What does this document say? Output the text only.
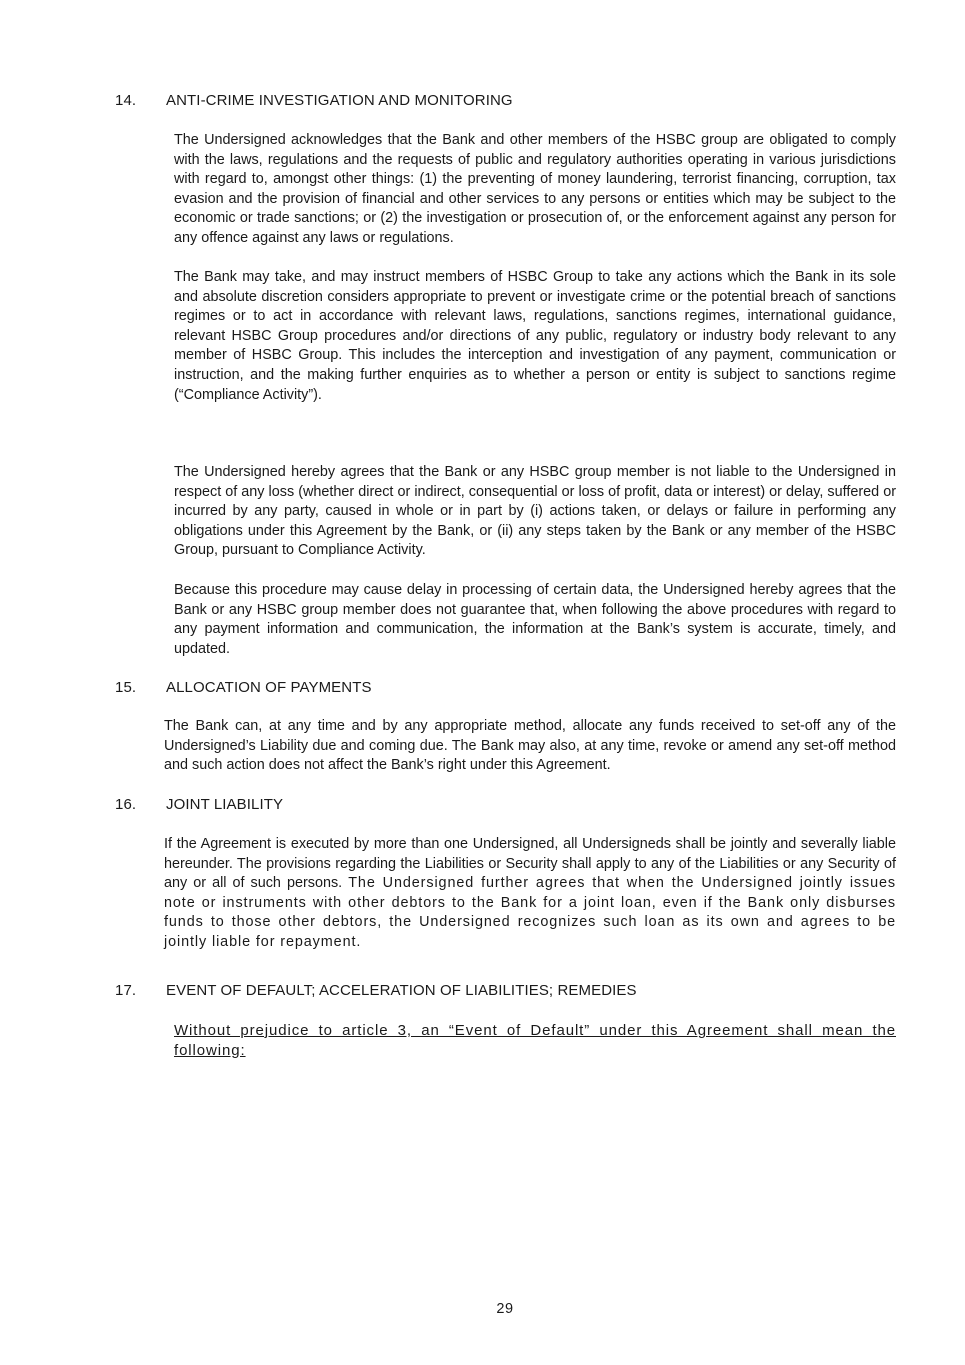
14. ANTI-CRIME INVESTIGATION AND MONITORING

The Undersigned acknowledges that the Bank and other members of the HSBC group are obligated to comply with the laws, regulations and the requests of public and regulatory authorities operating in various jurisdictions with regard to, amongst other things: (1) the preventing of money laundering, terrorist financing, corruption, tax evasion and the provision of financial and other services to any persons or entities which may be subject to the economic or trade sanctions; or (2) the investigation or prosecution of, or the enforcement against any person for any offence against any laws or regulations.

The Bank may take, and may instruct members of HSBC Group to take any actions which the Bank in its sole and absolute discretion considers appropriate to prevent or investigate crime or the potential breach of sanctions regimes or to act in accordance with relevant laws, regulations, sanctions regimes, international guidance, relevant HSBC Group procedures and/or directions of any public, regulatory or industry body relevant to any member of HSBC Group. This includes the interception and investigation of any payment, communication or instruction, and the making further enquiries as to whether a person or entity is subject to sanctions regime (“Compliance Activity”).

The Undersigned hereby agrees that the Bank or any HSBC group member is not liable to the Undersigned in respect of any loss (whether direct or indirect, consequential or loss of profit, data or interest) or delay, suffered or incurred by any party, caused in whole or in part by (i) actions taken, or delays or failure in performing any obligations under this Agreement by the Bank, or (ii) any steps taken by the Bank or any member of the HSBC Group, pursuant to Compliance Activity.

Because this procedure may cause delay in processing of certain data, the Undersigned hereby agrees that the Bank or any HSBC group member does not guarantee that, when following the above procedures with regard to any payment information and communication, the information at the Bank’s system is accurate, timely, and updated.

15. ALLOCATION OF PAYMENTS

The Bank can, at any time and by any appropriate method, allocate any funds received to set-off any of the Undersigned’s Liability due and coming due. The Bank may also, at any time, revoke or amend any set-off method and such action does not affect the Bank’s right under this Agreement.

16. JOINT LIABILITY

If the Agreement is executed by more than one Undersigned, all Undersigneds shall be jointly and severally liable hereunder. The provisions regarding the Liabilities or Security shall apply to any of the Liabilities or any Security of any or all of such persons. The Undersigned further agrees that when the Undersigned jointly issues note or instruments with other debtors to the Bank for a joint loan, even if the Bank only disburses funds to those other debtors, the Undersigned recognizes such loan as its own and agrees to be jointly liable for repayment.

17. EVENT OF DEFAULT; ACCELERATION OF LIABILITIES; REMEDIES

Without prejudice to article 3, an “Event of Default” under this Agreement shall mean the following:

29
